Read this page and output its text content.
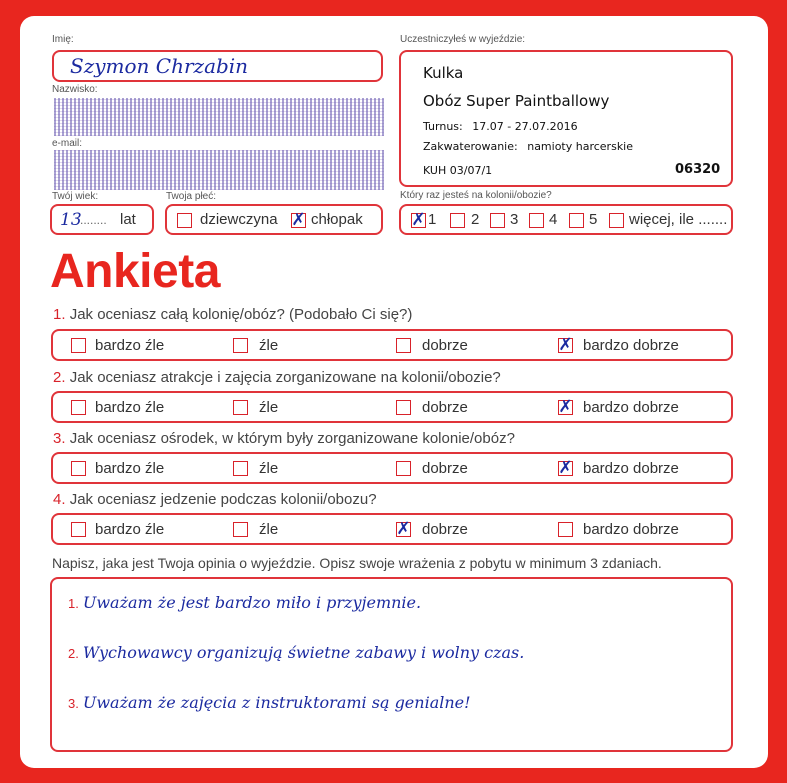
Imię:
Szymon Chrzabin
Nazwisko:
e-mail:
Twój wiek:
13
........ lat
Twoja płeć:
dziewczyna ✗ chłopak
Uczestniczyłeś w wyjeździe:
Kulka
Obóz Super Paintballowy
Turnus: 17.07 - 27.07.2016
Zakwaterowanie: namioty harcerskie
KUH 03/07/1	06320
Który raz jesteś na kolonii/obozie?
✗ 1 2 3 4 5 więcej, ile .......
Ankieta
1. Jak oceniasz całą kolonię/obóz? (Podobało Ci się?)
bardzo źle	źle	dobrze	✗ bardzo dobrze
2. Jak oceniasz atrakcje i zajęcia zorganizowane na kolonii/obozie?
bardzo źle	źle	dobrze	✗ bardzo dobrze
3. Jak oceniasz ośrodek, w którym były zorganizowane kolonie/obóz?
bardzo źle	źle	dobrze	✗ bardzo dobrze
4. Jak oceniasz jedzenie podczas kolonii/obozu?
bardzo źle	źle	✗ dobrze	bardzo dobrze
Napisz, jaka jest Twoja opinia o wyjeździe. Opisz swoje wrażenia z pobytu w minimum 3 zdaniach.
1. Uważam że jest bardzo miło i przyjemnie.
2. Wychowawcy organizują świetne zabawy i wolny czas.
3. Uważam że zajęcia z instruktorami są genialne!
